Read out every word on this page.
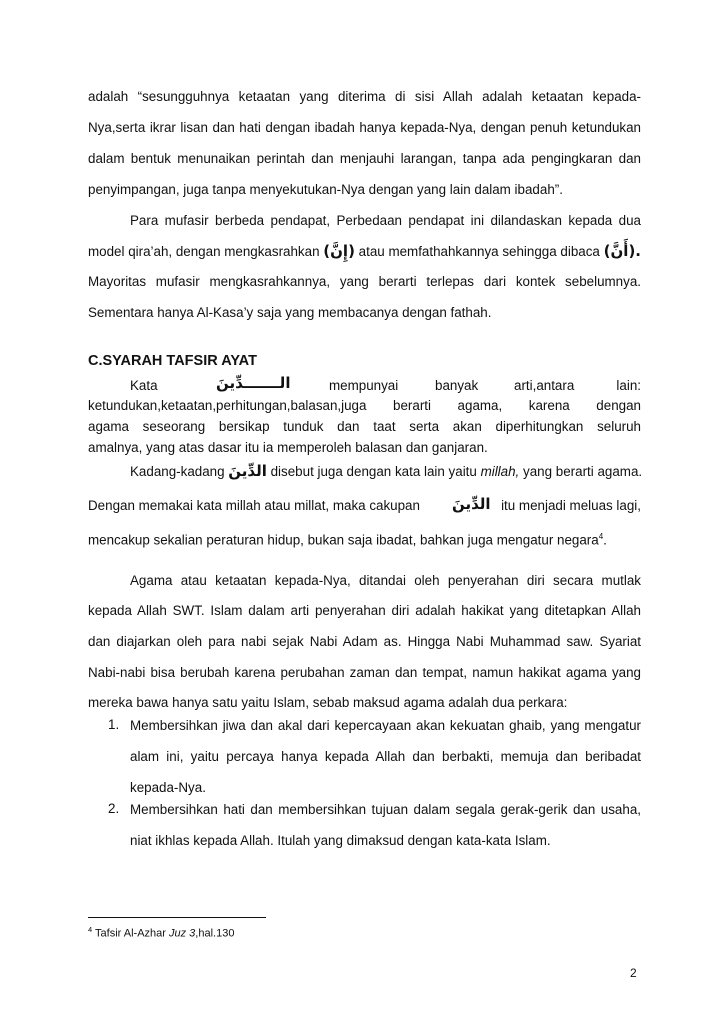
adalah “sesungguhnya ketaatan yang diterima di sisi Allah adalah ketaatan kepada-
Nya,serta ikrar lisan dan hati dengan ibadah hanya kepada-Nya, dengan penuh ketundukan
dalam bentuk menunaikan perintah dan menjauhi larangan, tanpa ada pengingkaran dan
penyimpangan, juga tanpa menyekutukan-Nya dengan yang lain dalam ibadah”.
Para mufasir berbeda pendapat, Perbedaan pendapat ini dilandaskan kepada dua
model qira’ah, dengan mengkasrahkan (إِنَّ) atau memfathahkannya sehingga dibaca (أَنَّ).
Mayoritas mufasir mengkasrahkannya, yang berarti terlepas dari kontek sebelumnya.
Sementara hanya Al-Kasa’y saja yang membacanya dengan fathah.
C.SYARAH TAFSIR AYAT
Kata	الـــــــدِّينَ	mempunyai	banyak	arti,antara	lain:
ketundukan,ketaatan,perhitungan,balasan,juga berarti agama, karena dengan
agama seseorang bersikap tunduk dan taat serta akan diperhitungkan seluruh
amalnya, yang atas dasar itu ia memperoleh balasan dan ganjaran.
Kadang-kadang الدِّينَ disebut juga dengan kata lain yaitu millah, yang berarti agama.
Dengan memakai kata millah atau millat, maka cakupan الدِّينَ itu menjadi meluas lagi,
mencakup sekalian peraturan hidup, bukan saja ibadat, bahkan juga mengatur negara$^4$.
Agama atau ketaatan kepada-Nya, ditandai oleh penyerahan diri secara mutlak
kepada Allah SWT. Islam dalam arti penyerahan diri adalah hakikat yang ditetapkan Allah
dan diajarkan oleh para nabi sejak Nabi Adam as. Hingga Nabi Muhammad saw. Syariat
Nabi-nabi bisa berubah karena perubahan zaman dan tempat, namun hakikat agama yang
mereka bawa hanya satu yaitu Islam, sebab maksud agama adalah dua perkara:
1. Membersihkan jiwa dan akal dari kepercayaan akan kekuatan ghaib, yang mengatur
alam ini, yaitu percaya hanya kepada Allah dan berbakti, memuja dan beribadat
kepada-Nya.
2. Membersihkan hati dan membersihkan tujuan dalam segala gerak-gerik dan usaha,
niat ikhlas kepada Allah. Itulah yang dimaksud dengan kata-kata Islam.
$^4$ Tafsir Al-Azhar Juz 3,hal.130
2
